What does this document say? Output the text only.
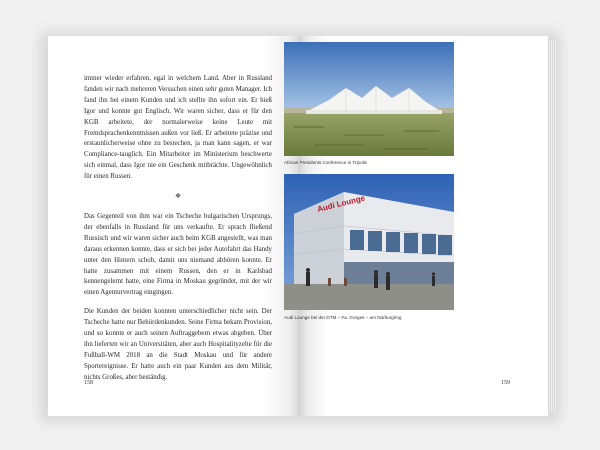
immer wieder erfahren, egal in welchem Land. Aber in Russland fanden wir nach mehreren Versuchen einen sehr guten Manager. Ich fand ihn bei einem Kunden und ich stellte ihn sofort ein. Er hieß Igor und konnte gut Englisch. Wir waren sicher, dass er für den KGB arbeitete, der normalerweise keine Leute mit Fremdsprachenkenntnissen außen vor ließ. Er arbeitete präzise und erstaunlicherweise ohne zu bestechen, ja man kann sagen, er war Compliance-tauglich. Ein Mitarbeiter im Ministerium beschwerte sich einmal, dass Igor nie ein Geschenk mitbrächte. Ungewöhnlich für einen Russen.

❖

Das Gegenteil von ihm war ein Tscheche bulgarischen Ursprungs, der ebenfalls in Russland für uns verkaufte. Er sprach fließend Russisch und wir waren sicher auch beim KGB angestellt, was man daraus erkennen konnte, dass er sich bei jeder Autofahrt das Handy unter den Hintern schob, damit uns niemand abhören konnte. Er hatte zusammen mit einem Russen, den er in Karlsbad kennengelernt hatte, eine Firma in Moskau gegründet, mit der wir einen Agenturvertrag eingingen.

Die Kunden der beiden konnten unterschiedlicher nicht sein. Der Tscheche hatte nur Behördenkunden. Seine Firma bekam Provision, und so konnte er auch seinen Auftraggebern etwas abgeben. Über ihn lieferten wir an Universitäten, aber auch Hospitalityzelte für die Fußball-WM 2018 an die Stadt Moskau und für andere Sportereignisse. Er hatte auch ein paar Kunden aus dem Militär, nichts Großes, aber beständig.

158	159
African Presidents Conference in Tripolis
Audi Lounge
Audi Lounge bei der DTM – Fa. Gorges – am Nürburgring
